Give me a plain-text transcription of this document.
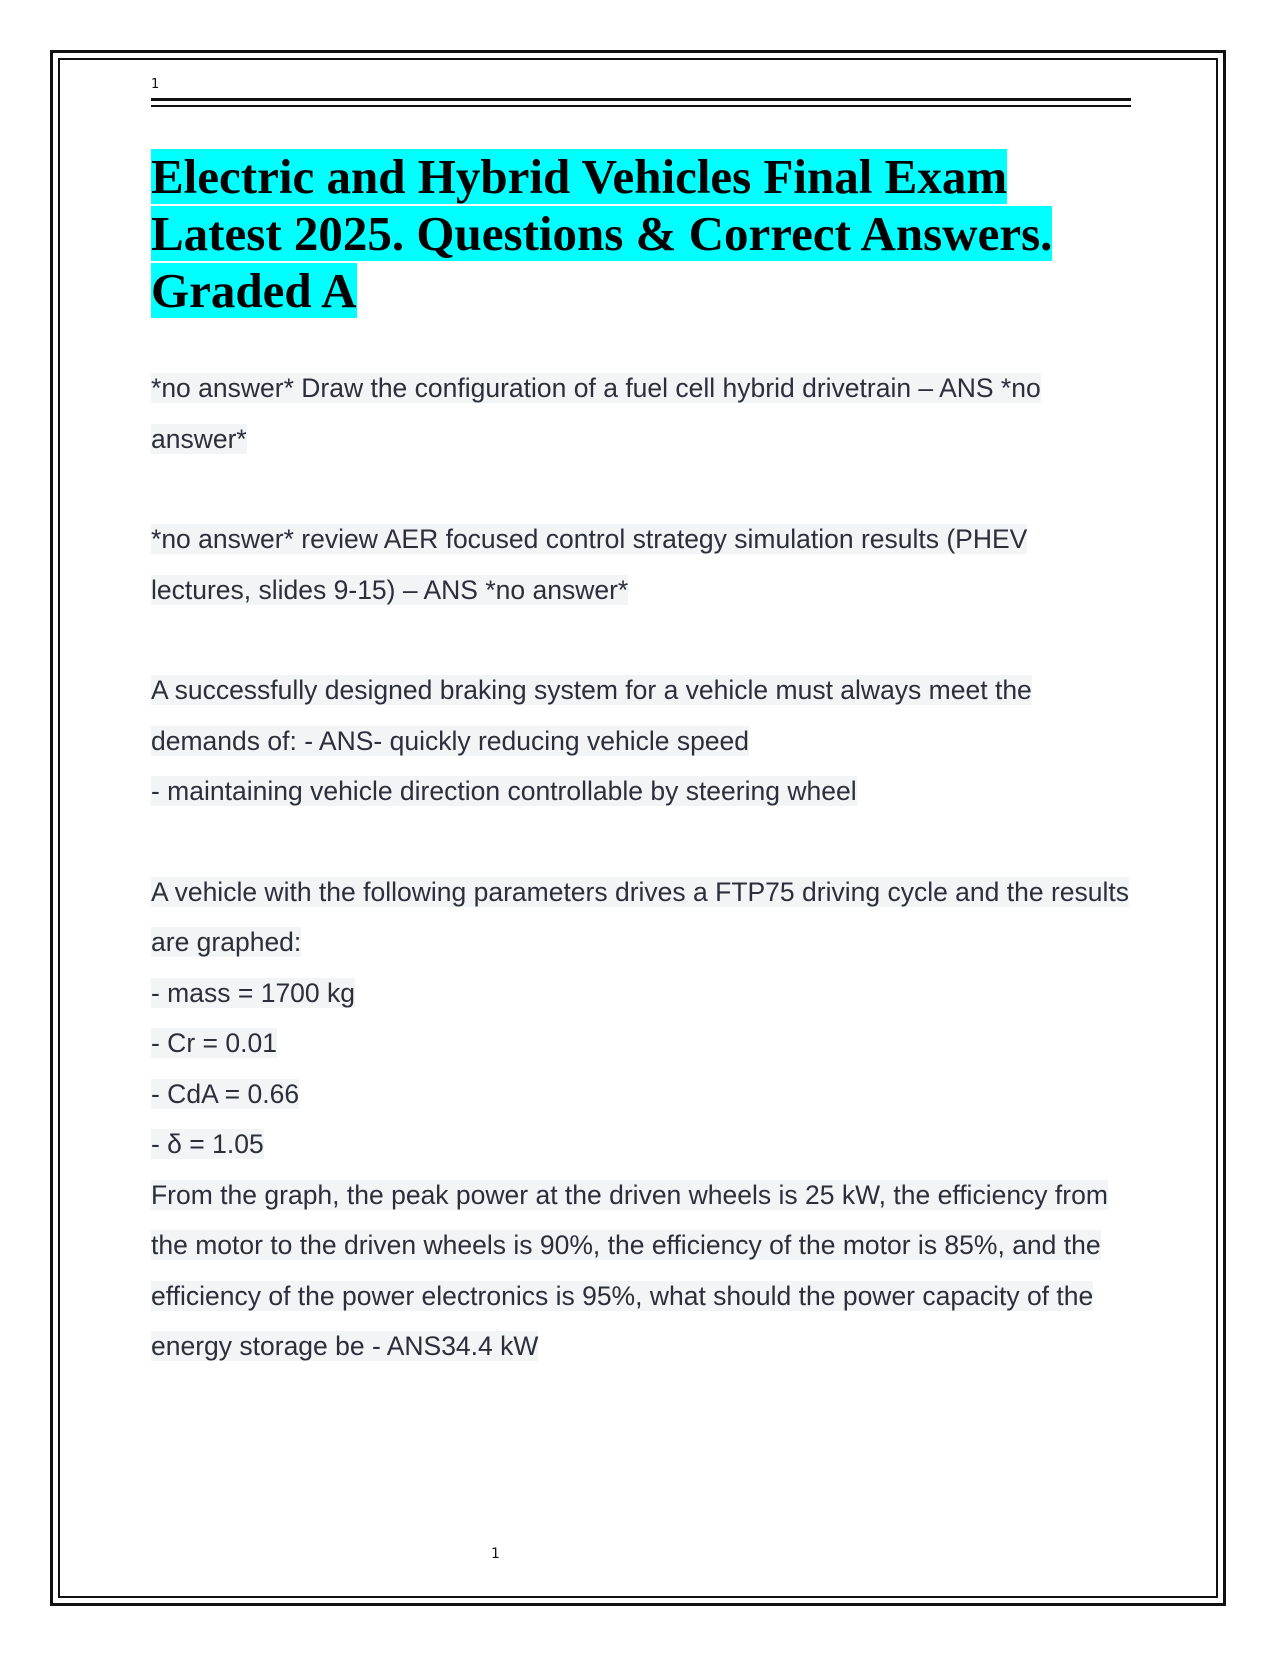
1
Electric and Hybrid Vehicles Final Exam Latest 2025. Questions & Correct Answers. Graded A

*no answer* Draw the configuration of a fuel cell hybrid drivetrain – ANS *no answer*

*no answer* review AER focused control strategy simulation results (PHEV lectures, slides 9-15) – ANS *no answer*

A successfully designed braking system for a vehicle must always meet the demands of: - ANS- quickly reducing vehicle speed
- maintaining vehicle direction controllable by steering wheel

A vehicle with the following parameters drives a FTP75 driving cycle and the results are graphed:
- mass = 1700 kg
- Cr = 0.01
- CdA = 0.66
- δ = 1.05
From the graph, the peak power at the driven wheels is 25 kW, the efficiency from the motor to the driven wheels is 90%, the efficiency of the motor is 85%, and the efficiency of the power electronics is 95%, what should the power capacity of the energy storage be - ANS34.4 kW

1
